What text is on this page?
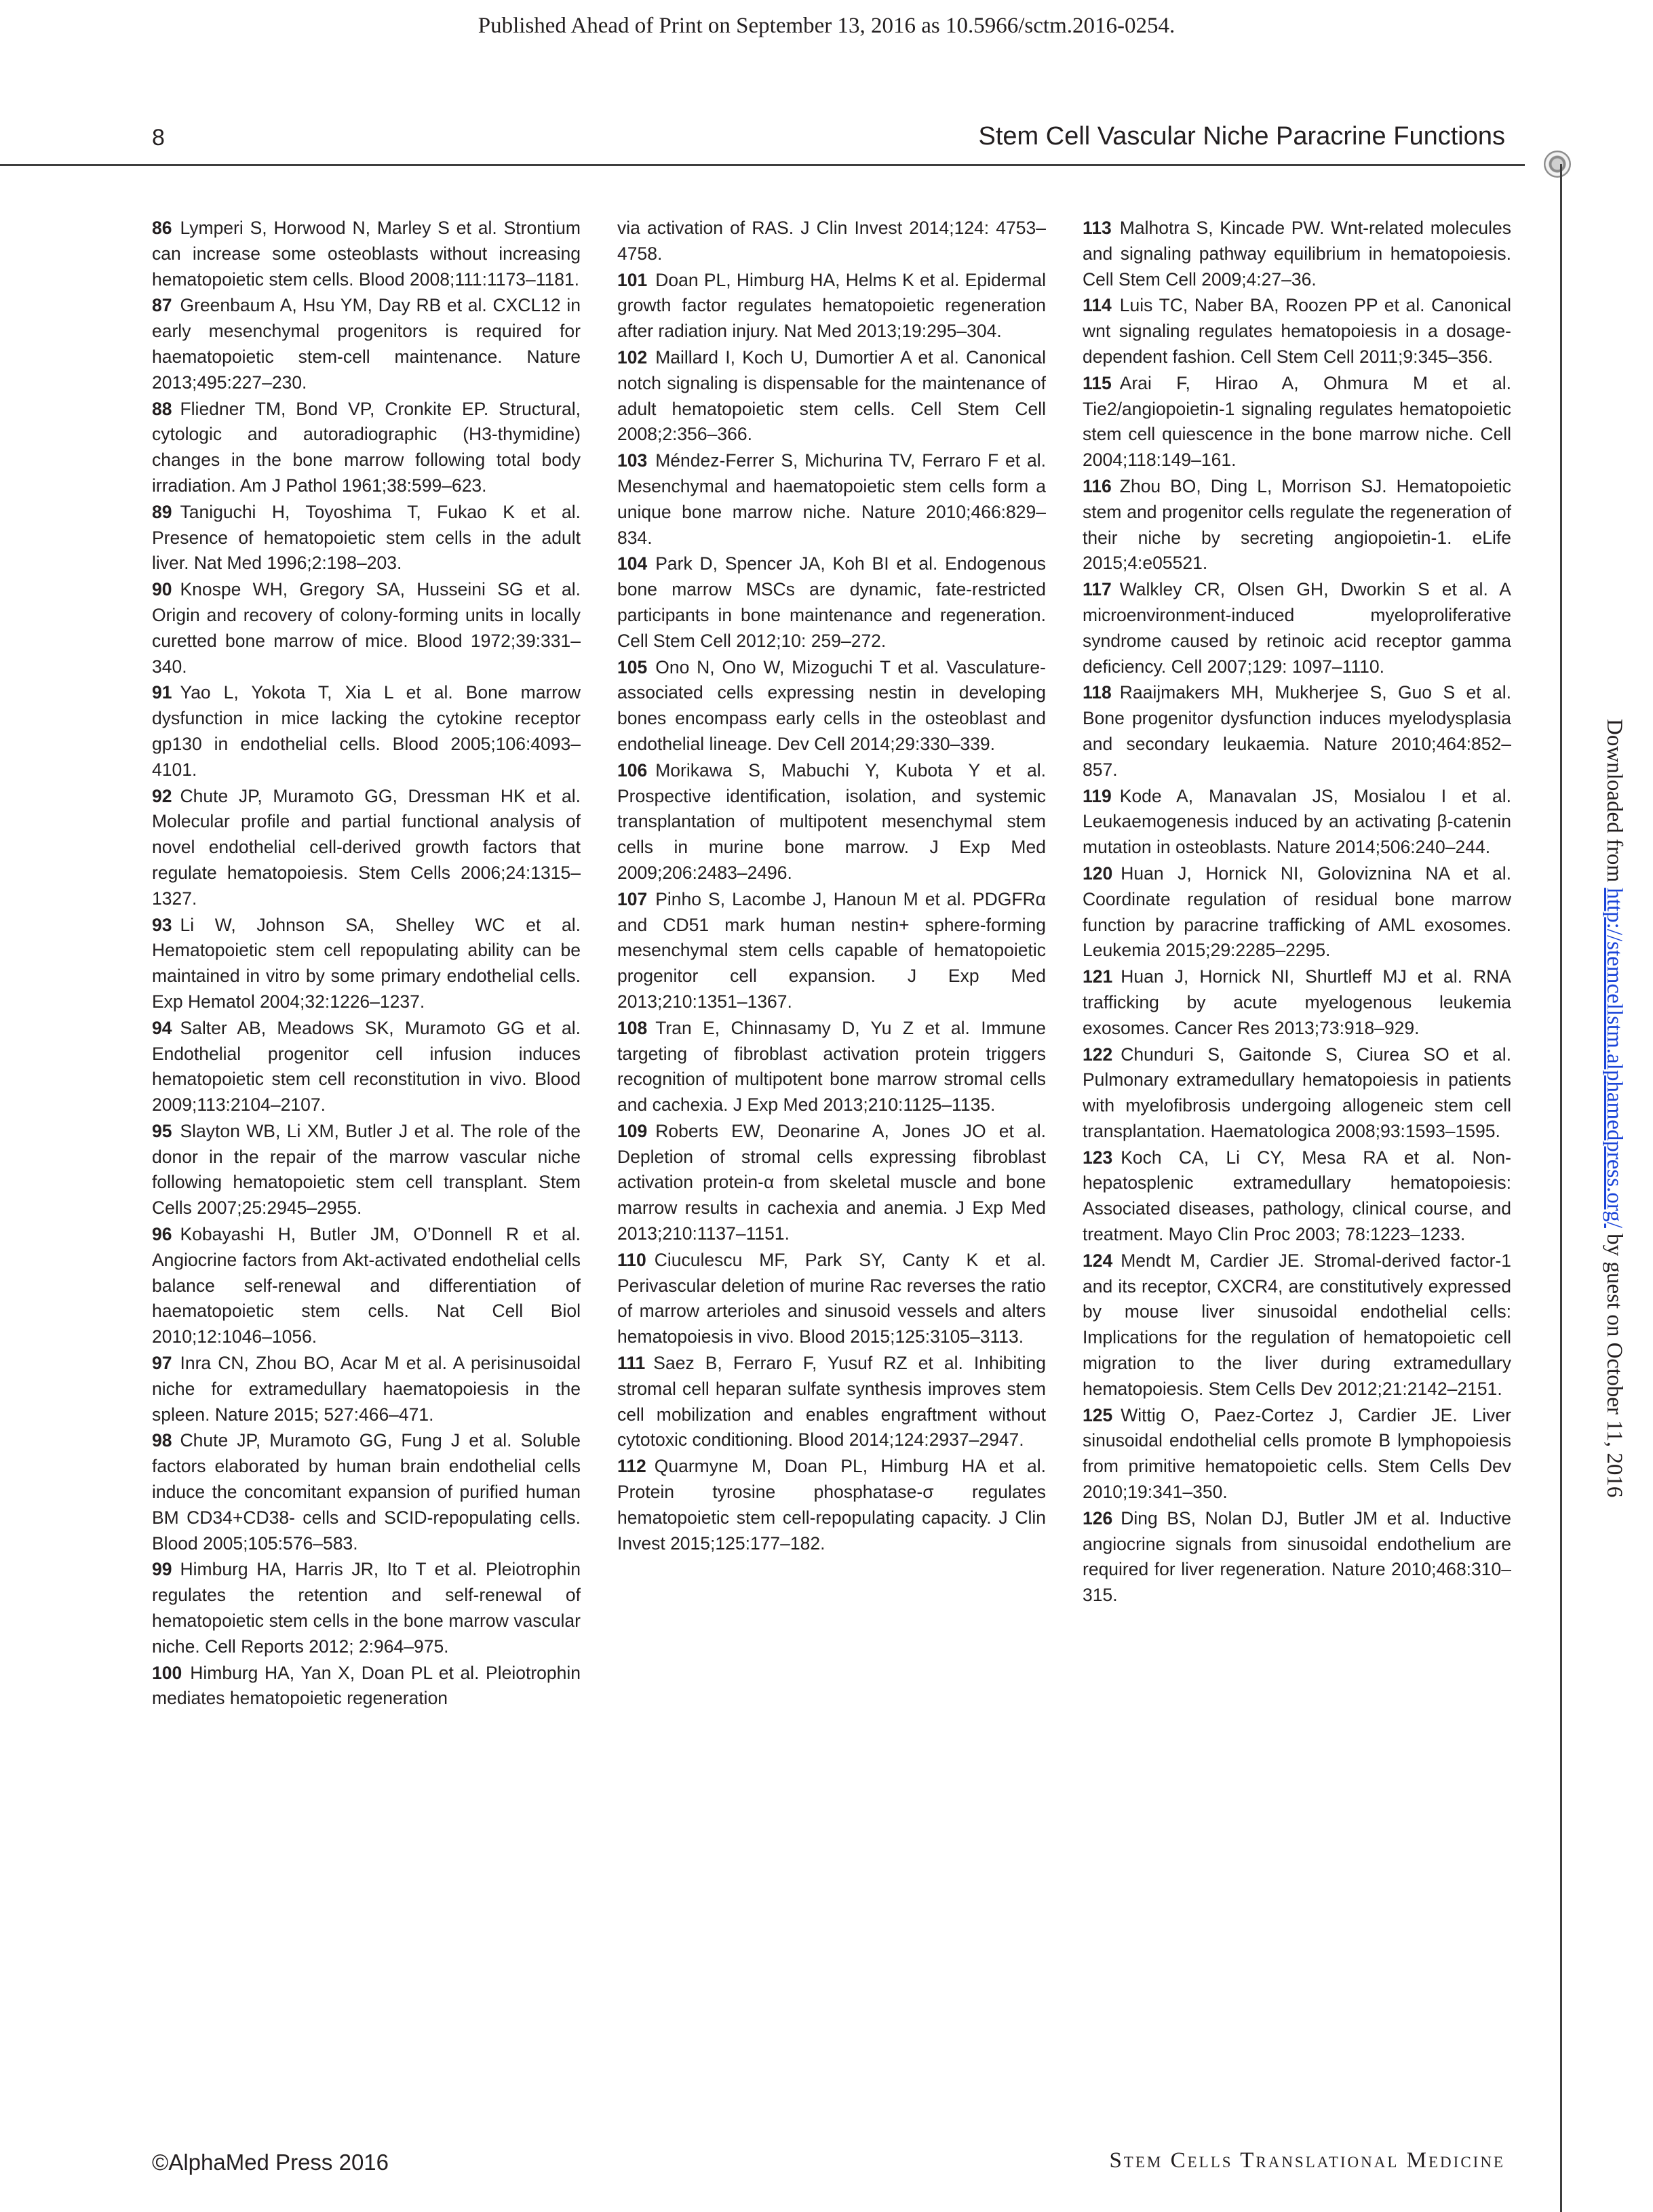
Published Ahead of Print on September 13, 2016 as 10.5966/sctm.2016-0254.
8	Stem Cell Vascular Niche Paracrine Functions
86 Lymperi S, Horwood N, Marley S et al. Strontium can increase some osteoblasts without increasing hematopoietic stem cells. Blood 2008;111:1173–1181.
87 Greenbaum A, Hsu YM, Day RB et al. CXCL12 in early mesenchymal progenitors is required for haematopoietic stem-cell maintenance. Nature 2013;495:227–230.
88 Fliedner TM, Bond VP, Cronkite EP. Structural, cytologic and autoradiographic (H3-thymidine) changes in the bone marrow following total body irradiation. Am J Pathol 1961;38:599–623.
89 Taniguchi H, Toyoshima T, Fukao K et al. Presence of hematopoietic stem cells in the adult liver. Nat Med 1996;2:198–203.
90 Knospe WH, Gregory SA, Husseini SG et al. Origin and recovery of colony-forming units in locally curetted bone marrow of mice. Blood 1972;39:331–340.
91 Yao L, Yokota T, Xia L et al. Bone marrow dysfunction in mice lacking the cytokine receptor gp130 in endothelial cells. Blood 2005;106:4093–4101.
92 Chute JP, Muramoto GG, Dressman HK et al. Molecular profile and partial functional analysis of novel endothelial cell-derived growth factors that regulate hematopoiesis. Stem Cells 2006;24:1315–1327.
93 Li W, Johnson SA, Shelley WC et al. Hematopoietic stem cell repopulating ability can be maintained in vitro by some primary endothelial cells. Exp Hematol 2004;32:1226–1237.
94 Salter AB, Meadows SK, Muramoto GG et al. Endothelial progenitor cell infusion induces hematopoietic stem cell reconstitution in vivo. Blood 2009;113:2104–2107.
95 Slayton WB, Li XM, Butler J et al. The role of the donor in the repair of the marrow vascular niche following hematopoietic stem cell transplant. Stem Cells 2007;25:2945–2955.
96 Kobayashi H, Butler JM, O’Donnell R et al. Angiocrine factors from Akt-activated endothelial cells balance self-renewal and differentiation of haematopoietic stem cells. Nat Cell Biol 2010;12:1046–1056.
97 Inra CN, Zhou BO, Acar M et al. A perisinusoidal niche for extramedullary haematopoiesis in the spleen. Nature 2015; 527:466–471.
98 Chute JP, Muramoto GG, Fung J et al. Soluble factors elaborated by human brain endothelial cells induce the concomitant expansion of purified human BM CD34+CD38- cells and SCID-repopulating cells. Blood 2005;105:576–583.
99 Himburg HA, Harris JR, Ito T et al. Pleiotrophin regulates the retention and self-renewal of hematopoietic stem cells in the bone marrow vascular niche. Cell Reports 2012; 2:964–975.
100 Himburg HA, Yan X, Doan PL et al. Pleiotrophin mediates hematopoietic regeneration
via activation of RAS. J Clin Invest 2014;124: 4753–4758.
101 Doan PL, Himburg HA, Helms K et al. Epidermal growth factor regulates hematopoietic regeneration after radiation injury. Nat Med 2013;19:295–304.
102 Maillard I, Koch U, Dumortier A et al. Canonical notch signaling is dispensable for the maintenance of adult hematopoietic stem cells. Cell Stem Cell 2008;2:356–366.
103 Méndez-Ferrer S, Michurina TV, Ferraro F et al. Mesenchymal and haematopoietic stem cells form a unique bone marrow niche. Nature 2010;466:829–834.
104 Park D, Spencer JA, Koh BI et al. Endogenous bone marrow MSCs are dynamic, fate-restricted participants in bone maintenance and regeneration. Cell Stem Cell 2012;10: 259–272.
105 Ono N, Ono W, Mizoguchi T et al. Vasculature-associated cells expressing nestin in developing bones encompass early cells in the osteoblast and endothelial lineage. Dev Cell 2014;29:330–339.
106 Morikawa S, Mabuchi Y, Kubota Y et al. Prospective identification, isolation, and systemic transplantation of multipotent mesenchymal stem cells in murine bone marrow. J Exp Med 2009;206:2483–2496.
107 Pinho S, Lacombe J, Hanoun M et al. PDGFRα and CD51 mark human nestin+ sphere-forming mesenchymal stem cells capable of hematopoietic progenitor cell expansion. J Exp Med 2013;210:1351–1367.
108 Tran E, Chinnasamy D, Yu Z et al. Immune targeting of fibroblast activation protein triggers recognition of multipotent bone marrow stromal cells and cachexia. J Exp Med 2013;210:1125–1135.
109 Roberts EW, Deonarine A, Jones JO et al. Depletion of stromal cells expressing fibroblast activation protein-α from skeletal muscle and bone marrow results in cachexia and anemia. J Exp Med 2013;210:1137–1151.
110 Ciuculescu MF, Park SY, Canty K et al. Perivascular deletion of murine Rac reverses the ratio of marrow arterioles and sinusoid vessels and alters hematopoiesis in vivo. Blood 2015;125:3105–3113.
111 Saez B, Ferraro F, Yusuf RZ et al. Inhibiting stromal cell heparan sulfate synthesis improves stem cell mobilization and enables engraftment without cytotoxic conditioning. Blood 2014;124:2937–2947.
112 Quarmyne M, Doan PL, Himburg HA et al. Protein tyrosine phosphatase-σ regulates hematopoietic stem cell-repopulating capacity. J Clin Invest 2015;125:177–182.
113 Malhotra S, Kincade PW. Wnt-related molecules and signaling pathway equilibrium in hematopoiesis. Cell Stem Cell 2009;4:27–36.
114 Luis TC, Naber BA, Roozen PP et al. Canonical wnt signaling regulates hematopoiesis in a dosage-dependent fashion. Cell Stem Cell 2011;9:345–356.
115 Arai F, Hirao A, Ohmura M et al. Tie2/angiopoietin-1 signaling regulates hematopoietic stem cell quiescence in the bone marrow niche. Cell 2004;118:149–161.
116 Zhou BO, Ding L, Morrison SJ. Hematopoietic stem and progenitor cells regulate the regeneration of their niche by secreting angiopoietin-1. eLife 2015;4:e05521.
117 Walkley CR, Olsen GH, Dworkin S et al. A microenvironment-induced myeloproliferative syndrome caused by retinoic acid receptor gamma deficiency. Cell 2007;129: 1097–1110.
118 Raaijmakers MH, Mukherjee S, Guo S et al. Bone progenitor dysfunction induces myelodysplasia and secondary leukaemia. Nature 2010;464:852–857.
119 Kode A, Manavalan JS, Mosialou I et al. Leukaemogenesis induced by an activating β-catenin mutation in osteoblasts. Nature 2014;506:240–244.
120 Huan J, Hornick NI, Goloviznina NA et al. Coordinate regulation of residual bone marrow function by paracrine trafficking of AML exosomes. Leukemia 2015;29:2285–2295.
121 Huan J, Hornick NI, Shurtleff MJ et al. RNA trafficking by acute myelogenous leukemia exosomes. Cancer Res 2013;73:918–929.
122 Chunduri S, Gaitonde S, Ciurea SO et al. Pulmonary extramedullary hematopoiesis in patients with myelofibrosis undergoing allogeneic stem cell transplantation. Haematologica 2008;93:1593–1595.
123 Koch CA, Li CY, Mesa RA et al. Non-hepatosplenic extramedullary hematopoiesis: Associated diseases, pathology, clinical course, and treatment. Mayo Clin Proc 2003; 78:1223–1233.
124 Mendt M, Cardier JE. Stromal-derived factor-1 and its receptor, CXCR4, are constitutively expressed by mouse liver sinusoidal endothelial cells: Implications for the regulation of hematopoietic cell migration to the liver during extramedullary hematopoiesis. Stem Cells Dev 2012;21:2142–2151.
125 Wittig O, Paez-Cortez J, Cardier JE. Liver sinusoidal endothelial cells promote B lymphopoiesis from primitive hematopoietic cells. Stem Cells Dev 2010;19:341–350.
126 Ding BS, Nolan DJ, Butler JM et al. Inductive angiocrine signals from sinusoidal endothelium are required for liver regeneration. Nature 2010;468:310–315.
Downloaded from http://stemcellstm.alphamedpress.org/ by guest on October 11, 2016
©AlphaMed Press 2016	Stem Cells Translational Medicine
